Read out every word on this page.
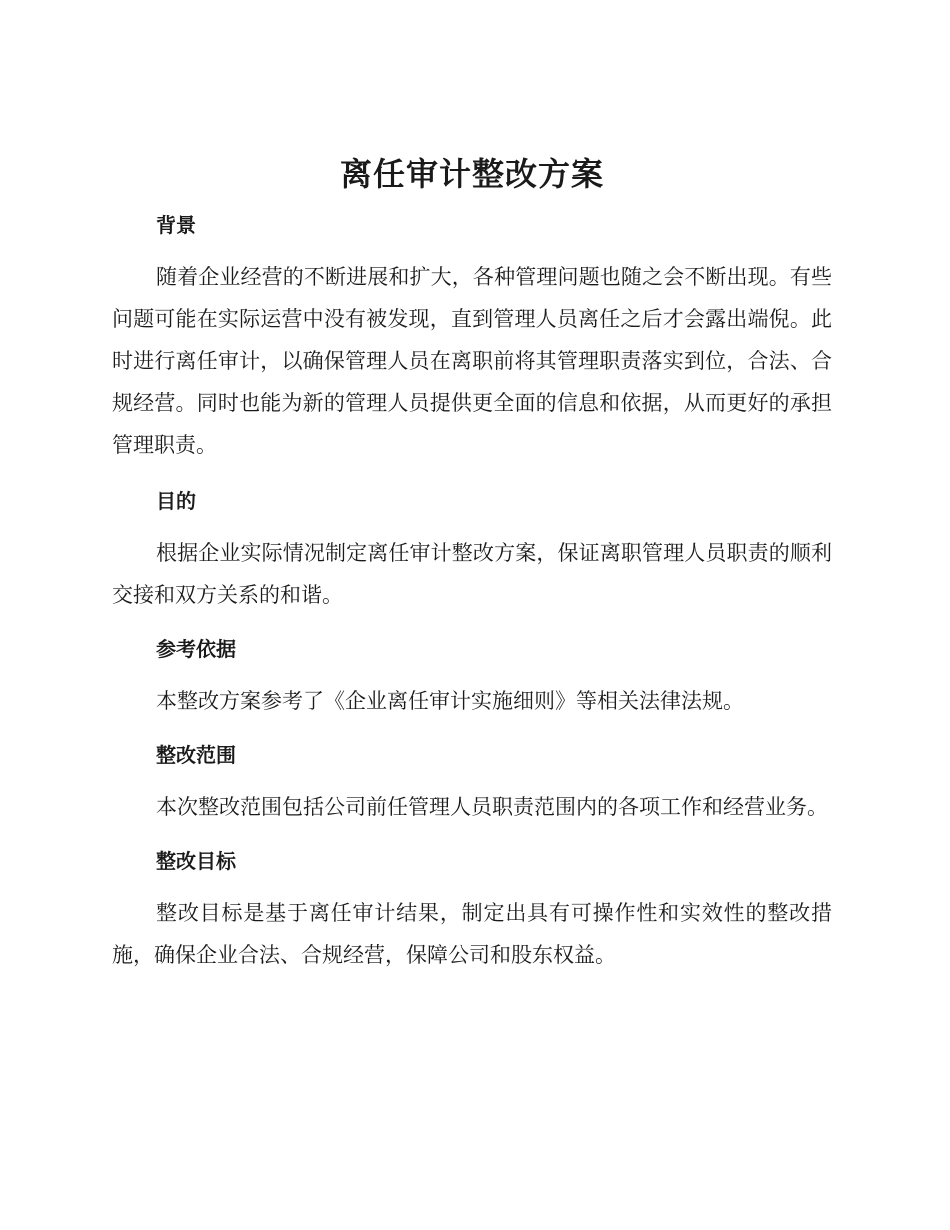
离任审计整改方案
背景

随着企业经营的不断进展和扩大，各种管理问题也随之会不断出现。有些问题可能在实际运营中没有被发现，直到管理人员离任之后才会露出端倪。此时进行离任审计，以确保管理人员在离职前将其管理职责落实到位，合法、合规经营。同时也能为新的管理人员提供更全面的信息和依据，从而更好的承担管理职责。

目的

根据企业实际情况制定离任审计整改方案，保证离职管理人员职责的顺利交接和双方关系的和谐。

参考依据

本整改方案参考了《企业离任审计实施细则》等相关法律法规。

整改范围

本次整改范围包括公司前任管理人员职责范围内的各项工作和经营业务。

整改目标

整改目标是基于离任审计结果，制定出具有可操作性和实效性的整改措施，确保企业合法、合规经营，保障公司和股东权益。
